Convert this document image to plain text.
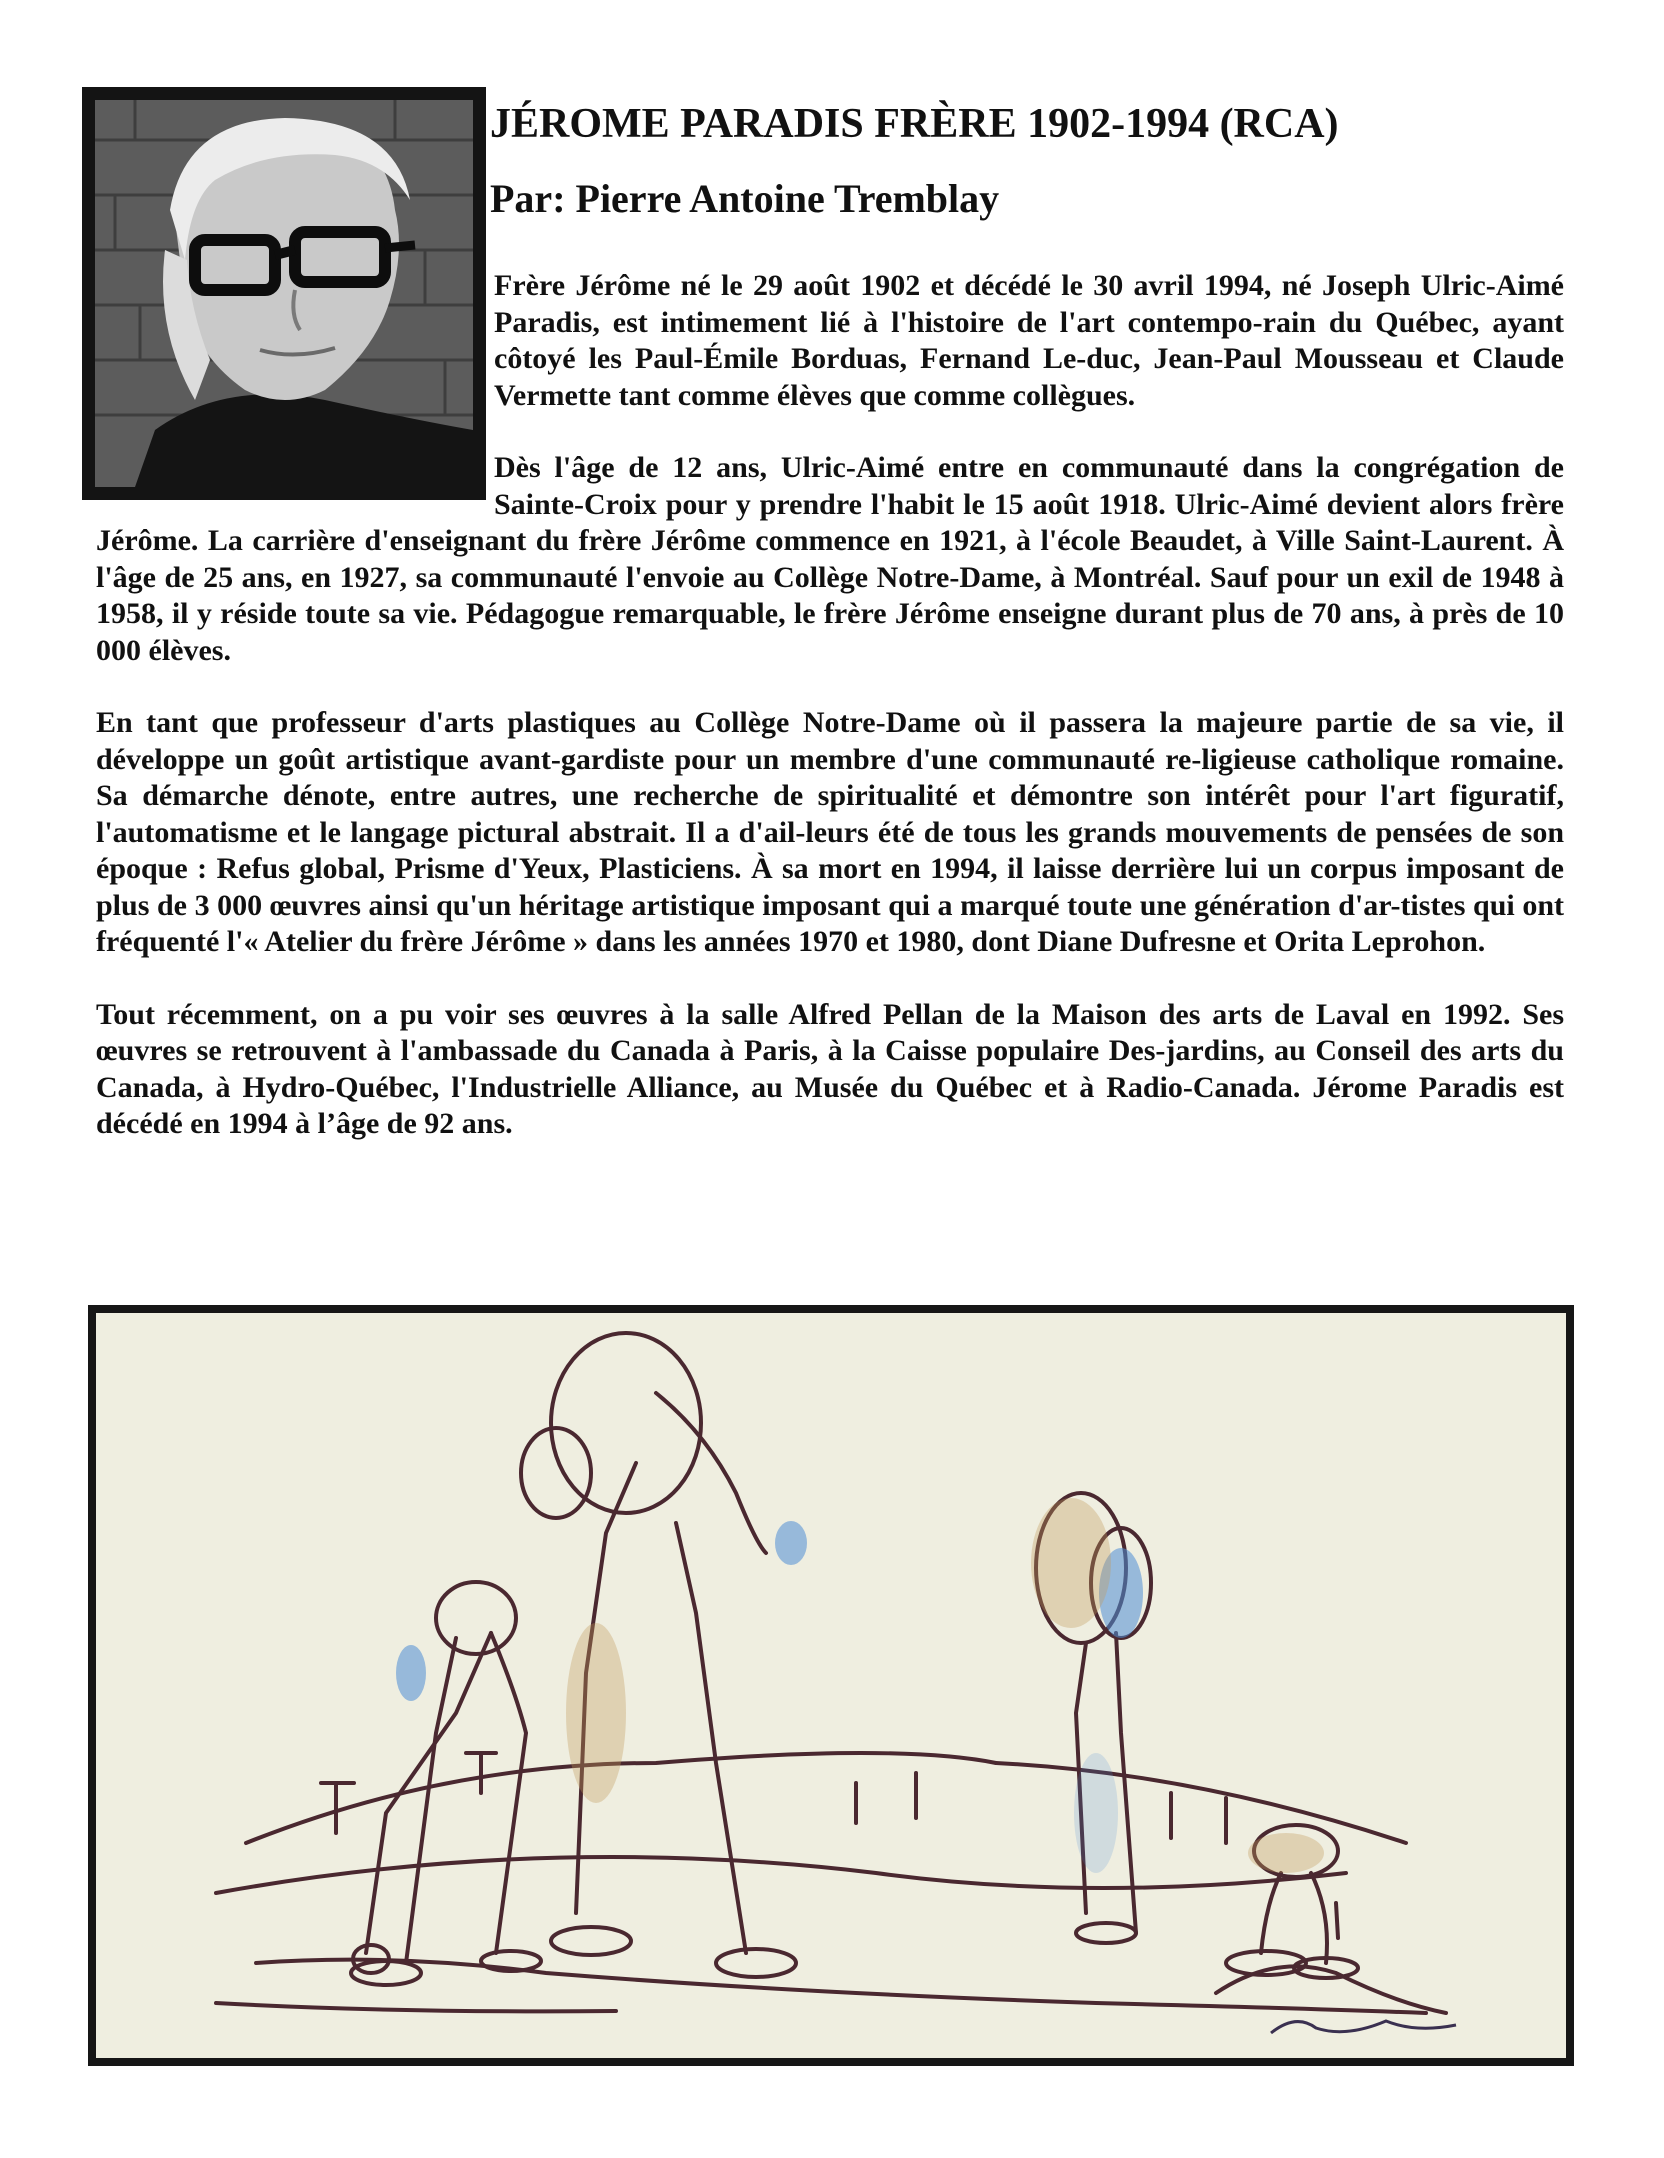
JÉROME PARADIS FRÈRE 1902-1994 (RCA)
Par: Pierre Antoine Tremblay

Frère Jérôme né le 29 août 1902 et décédé le 30 avril 1994, né Joseph Ulric-Aimé Paradis, est intimement lié à l'histoire de l'art contempo-rain du Québec, ayant côtoyé les Paul-Émile Borduas, Fernand Le-duc, Jean-Paul Mousseau et Claude Vermette tant comme élèves que comme collègues.

Dès l'âge de 12 ans, Ulric-Aimé entre en communauté dans la congrégation de Sainte-Croix pour y prendre l'habit le 15 août 1918. Ulric-Aimé devient alors frère Jérôme. La carrière d'enseignant du frère Jérôme commence en 1921, à l'école Beaudet, à Ville Saint-Laurent. À l'âge de 25 ans, en 1927, sa communauté l'envoie au Collège Notre-Dame, à Montréal. Sauf pour un exil de 1948 à 1958, il y réside toute sa vie. Pédagogue remarquable, le frère Jérôme enseigne durant plus de 70 ans, à près de 10 000 élèves.

En tant que professeur d'arts plastiques au Collège Notre-Dame où il passera la majeure partie de sa vie, il développe un goût artistique avant-gardiste pour un membre d'une communauté re-ligieuse catholique romaine. Sa démarche dénote, entre autres, une recherche de spiritualité et démontre son intérêt pour l'art figuratif, l'automatisme et le langage pictural abstrait. Il a d'ail-leurs été de tous les grands mouvements de pensées de son époque : Refus global, Prisme d'Yeux, Plasticiens. À sa mort en 1994, il laisse derrière lui un corpus imposant de plus de 3 000 œuvres ainsi qu'un héritage artistique imposant qui a marqué toute une génération d'ar-tistes qui ont fréquenté l'« Atelier du frère Jérôme » dans les années 1970 et 1980, dont Diane Dufresne et Orita Leprohon.

Tout récemment, on a pu voir ses œuvres à la salle Alfred Pellan de la Maison des arts de Laval en 1992. Ses œuvres se retrouvent à l'ambassade du Canada à Paris, à la Caisse populaire Des-jardins, au Conseil des arts du Canada, à Hydro-Québec, l'Industrielle Alliance, au Musée du Québec et à Radio-Canada. Jérome Paradis est décédé en 1994 à l’âge de 92 ans.
